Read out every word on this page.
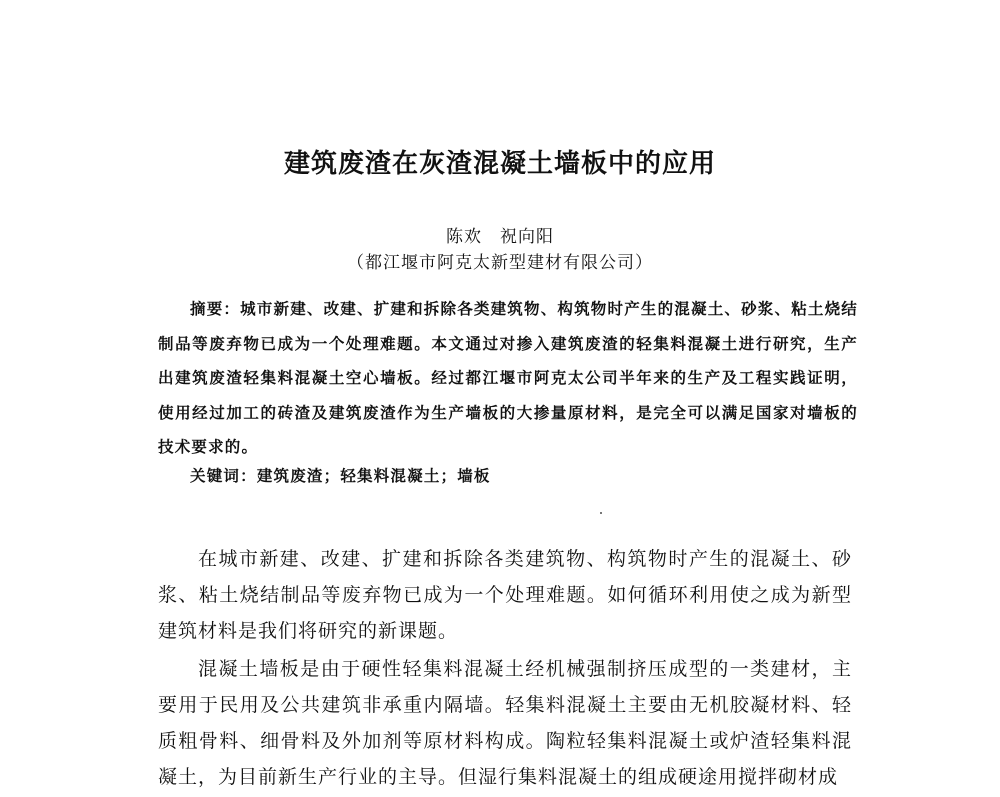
建筑废渣在灰渣混凝土墙板中的应用
陈欢　祝向阳
（都江堰市阿克太新型建材有限公司）
摘要：城市新建、改建、扩建和拆除各类建筑物、构筑物时产生的混凝土、砂浆、粘土烧结制品等废弃物已成为一个处理难题。本文通过对掺入建筑废渣的轻集料混凝土进行研究，生产出建筑废渣轻集料混凝土空心墙板。经过都江堰市阿克太公司半年来的生产及工程实践证明，使用经过加工的砖渣及建筑废渣作为生产墙板的大掺量原材料，是完全可以满足国家对墙板的技术要求的。
关键词：建筑废渣；轻集料混凝土；墙板

在城市新建、改建、扩建和拆除各类建筑物、构筑物时产生的混凝土、砂浆、粘土烧结制品等废弃物已成为一个处理难题。如何循环利用使之成为新型建筑材料是我们将研究的新课题。

混凝土墙板是由于硬性轻集料混凝土经机械强制挤压成型的一类建材，主要用于民用及公共建筑非承重内隔墙。轻集料混凝土主要由无机胶凝材料、轻质粗骨料、细骨料及外加剂等原材料构成。陶粒轻集料混凝土或炉渣轻集料混凝土，为目前新生产行业的主导。但湿行集料混凝土的组成硬途用搅拌砌材成
